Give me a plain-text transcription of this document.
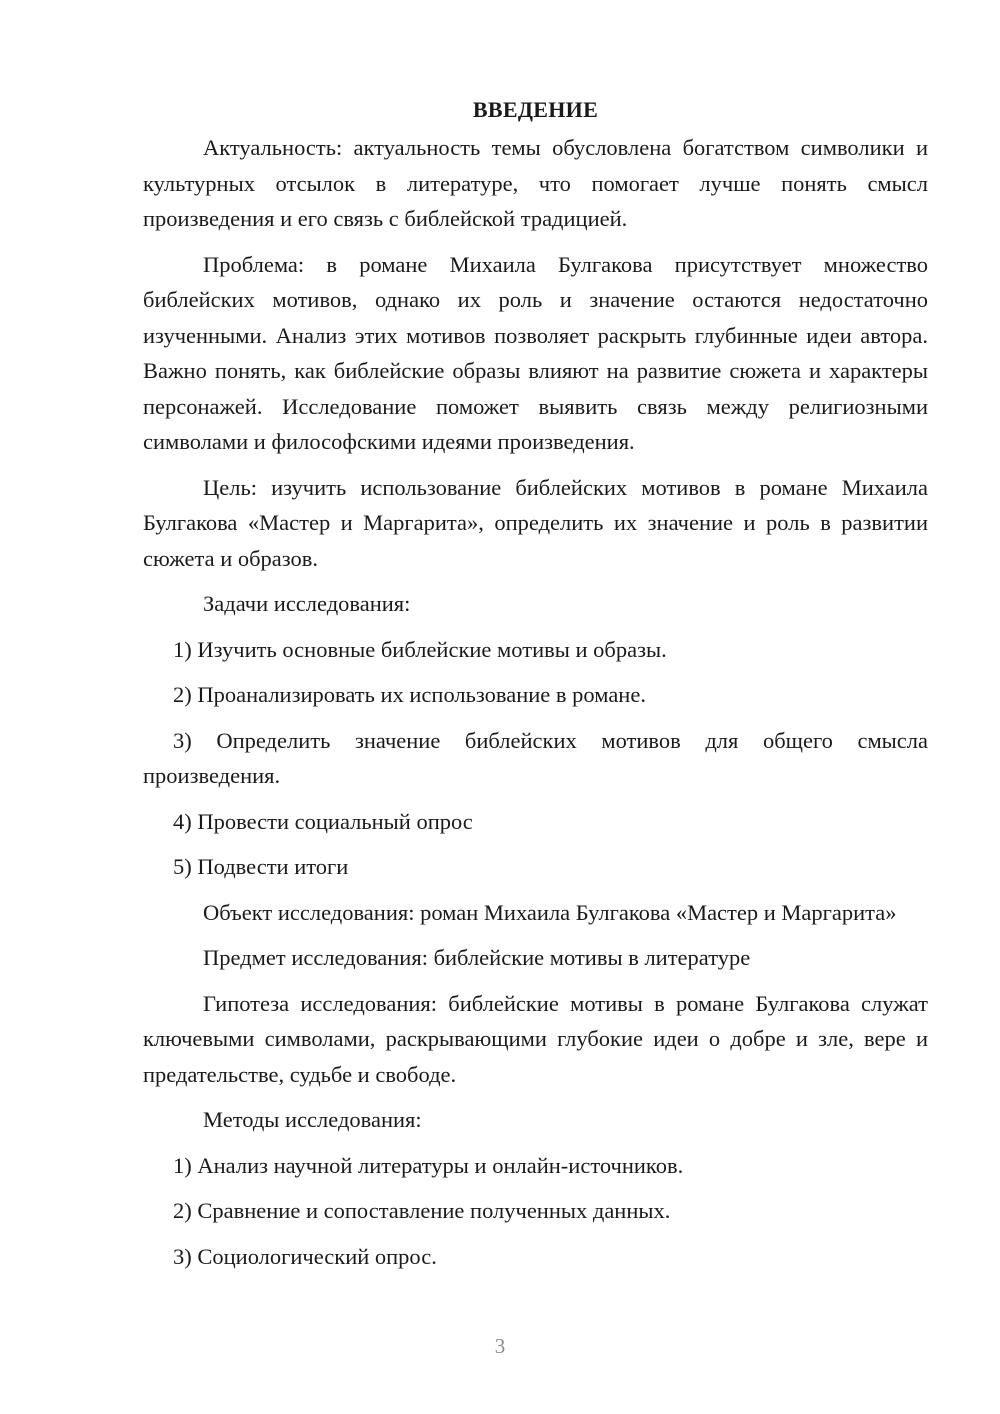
ВВЕДЕНИЕ

Актуальность: актуальность темы обусловлена богатством символики и культурных отсылок в литературе, что помогает лучше понять смысл произведения и его связь с библейской традицией.

Проблема: в романе Михаила Булгакова присутствует множество библейских мотивов, однако их роль и значение остаются недостаточно изученными. Анализ этих мотивов позволяет раскрыть глубинные идеи автора. Важно понять, как библейские образы влияют на развитие сюжета и характеры персонажей. Исследование поможет выявить связь между религиозными символами и философскими идеями произведения.

Цель: изучить использование библейских мотивов в романе Михаила Булгакова «Мастер и Маргарита», определить их значение и роль в развитии сюжета и образов.

Задачи исследования:

1) Изучить основные библейские мотивы и образы.

2) Проанализировать их использование в романе.

3) Определить значение библейских мотивов для общего смысла произведения.

4) Провести социальный опрос

5) Подвести итоги

Объект исследования: роман Михаила Булгакова «Мастер и Маргарита»

Предмет исследования: библейские мотивы в литературе

Гипотеза исследования: библейские мотивы в романе Булгакова служат ключевыми символами, раскрывающими глубокие идеи о добре и зле, вере и предательстве, судьбе и свободе.

Методы исследования:

1) Анализ научной литературы и онлайн-источников.

2) Сравнение и сопоставление полученных данных.

3) Социологический опрос.

3
